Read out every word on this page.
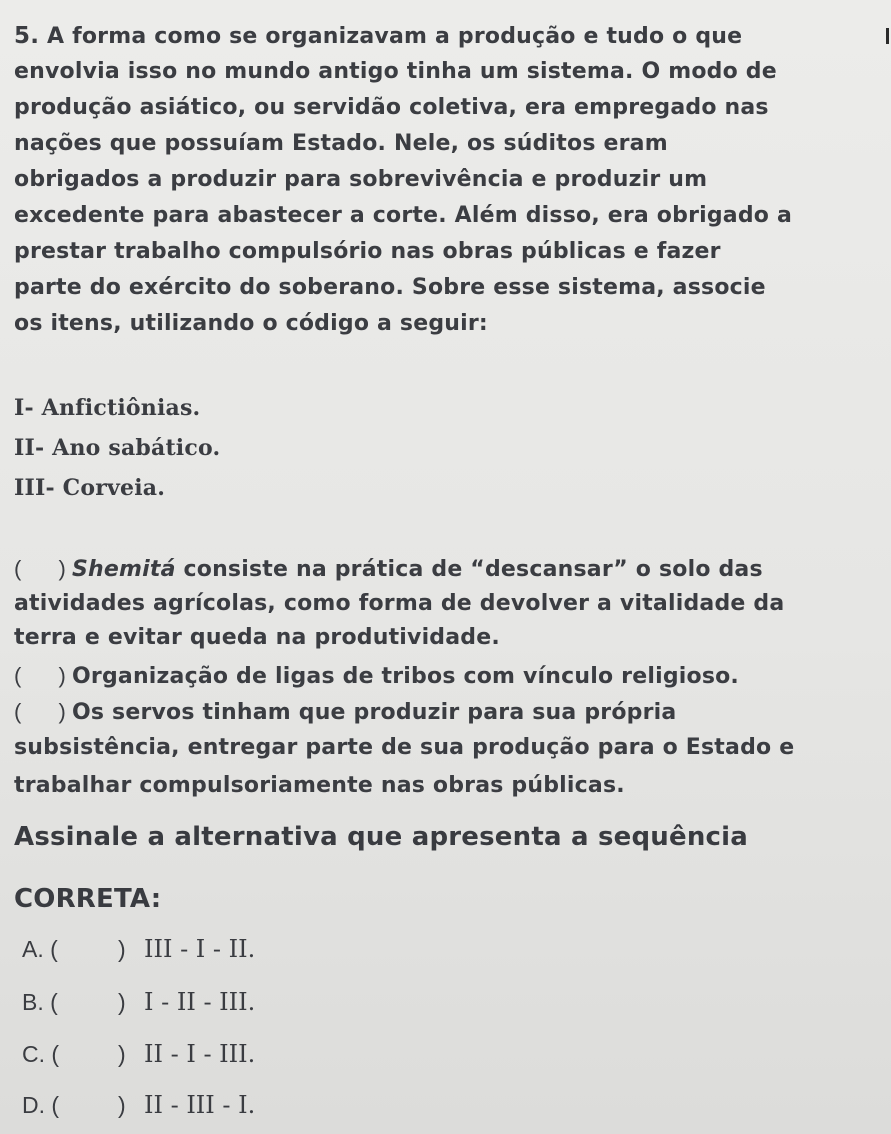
5. A forma como se organizavam a produção e tudo o que
envolvia isso no mundo antigo tinha um sistema. O modo de
produção asiático, ou servidão coletiva, era empregado nas
nações que possuíam Estado. Nele, os súditos eram
obrigados a produzir para sobrevivência e produzir um
excedente para abastecer a corte. Além disso, era obrigado a
prestar trabalho compulsório nas obras públicas e fazer
parte do exército do soberano. Sobre esse sistema, associe
os itens, utilizando o código a seguir:
I- Anfictiônias.
II- Ano sabático.
III- Corveia.
( ) Shemitá consiste na prática de “descansar” o solo das
atividades agrícolas, como forma de devolver a vitalidade da
terra e evitar queda na produtividade.
( ) Organização de ligas de tribos com vínculo religioso.
( ) Os servos tinham que produzir para sua própria
subsistência, entregar parte de sua produção para o Estado e
trabalhar compulsoriamente nas obras públicas.
Assinale a alternativa que apresenta a sequência
CORRETA:
A. (	) III - I - II.
B. (	) I - II - III.
C. (	) II - I - III.
D. (	) II - III - I.
